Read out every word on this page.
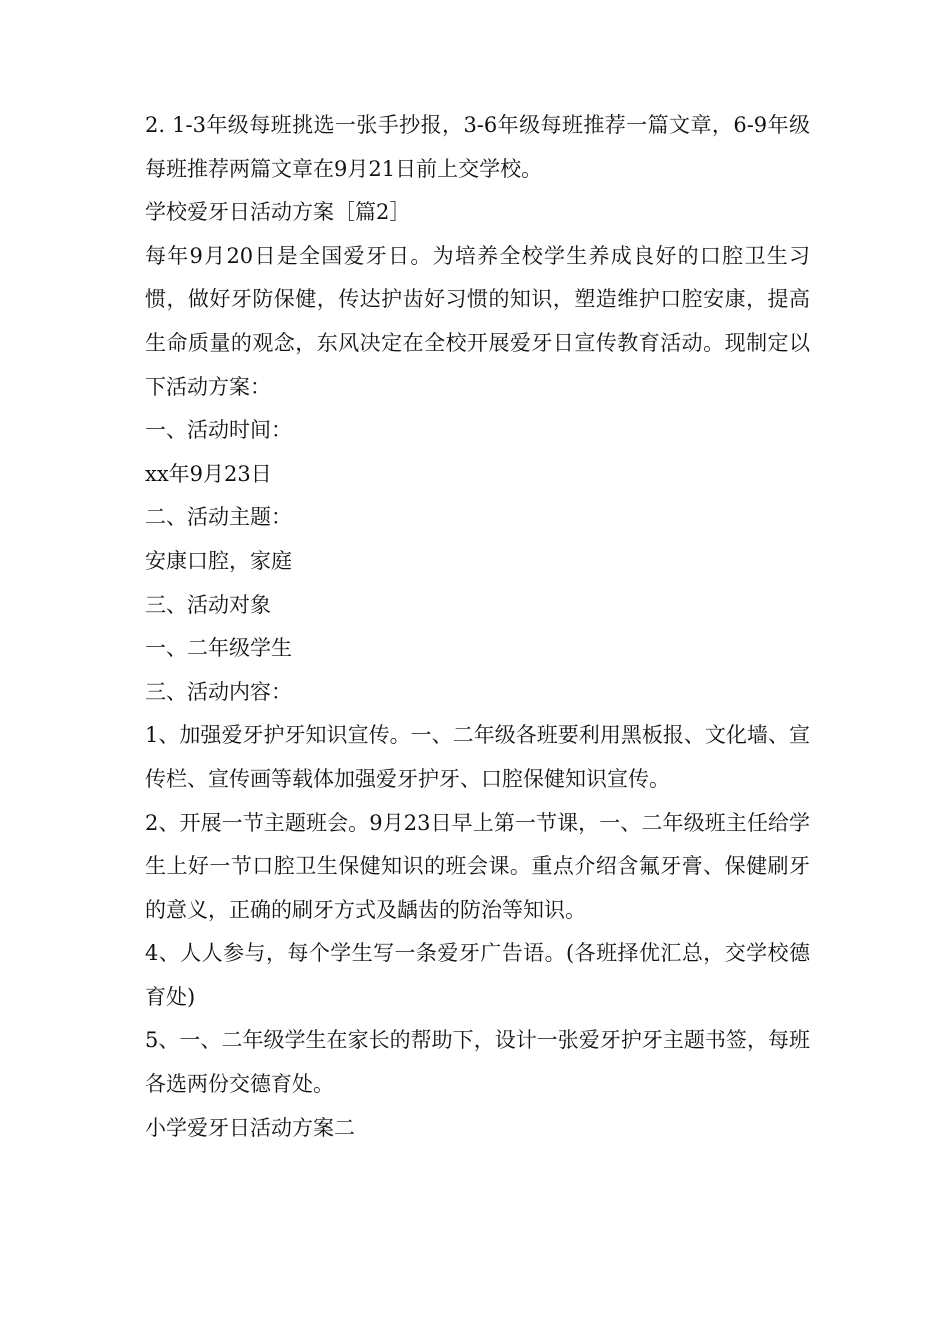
2. 1-3年级每班挑选一张手抄报，3-6年级每班推荐一篇文章，6-9年级每班推荐两篇文章在9月21日前上交学校。

学校爱牙日活动方案［篇2］

每年9月20日是全国爱牙日。为培养全校学生养成良好的口腔卫生习惯，做好牙防保健，传达护齿好习惯的知识，塑造维护口腔安康，提高生命质量的观念，东风决定在全校开展爱牙日宣传教育活动。现制定以下活动方案：

一、活动时间：

xx年9月23日

二、活动主题：

安康口腔，家庭

三、活动对象

一、二年级学生

三、活动内容：

1、加强爱牙护牙知识宣传。一、二年级各班要利用黑板报、文化墙、宣传栏、宣传画等载体加强爱牙护牙、口腔保健知识宣传。

2、开展一节主题班会。9月23日早上第一节课，一、二年级班主任给学生上好一节口腔卫生保健知识的班会课。重点介绍含氟牙膏、保健刷牙的意义，正确的刷牙方式及龋齿的防治等知识。

4、人人参与，每个学生写一条爱牙广告语。(各班择优汇总，交学校德育处)

5、一、二年级学生在家长的帮助下，设计一张爱牙护牙主题书签，每班各选两份交德育处。

小学爱牙日活动方案二
